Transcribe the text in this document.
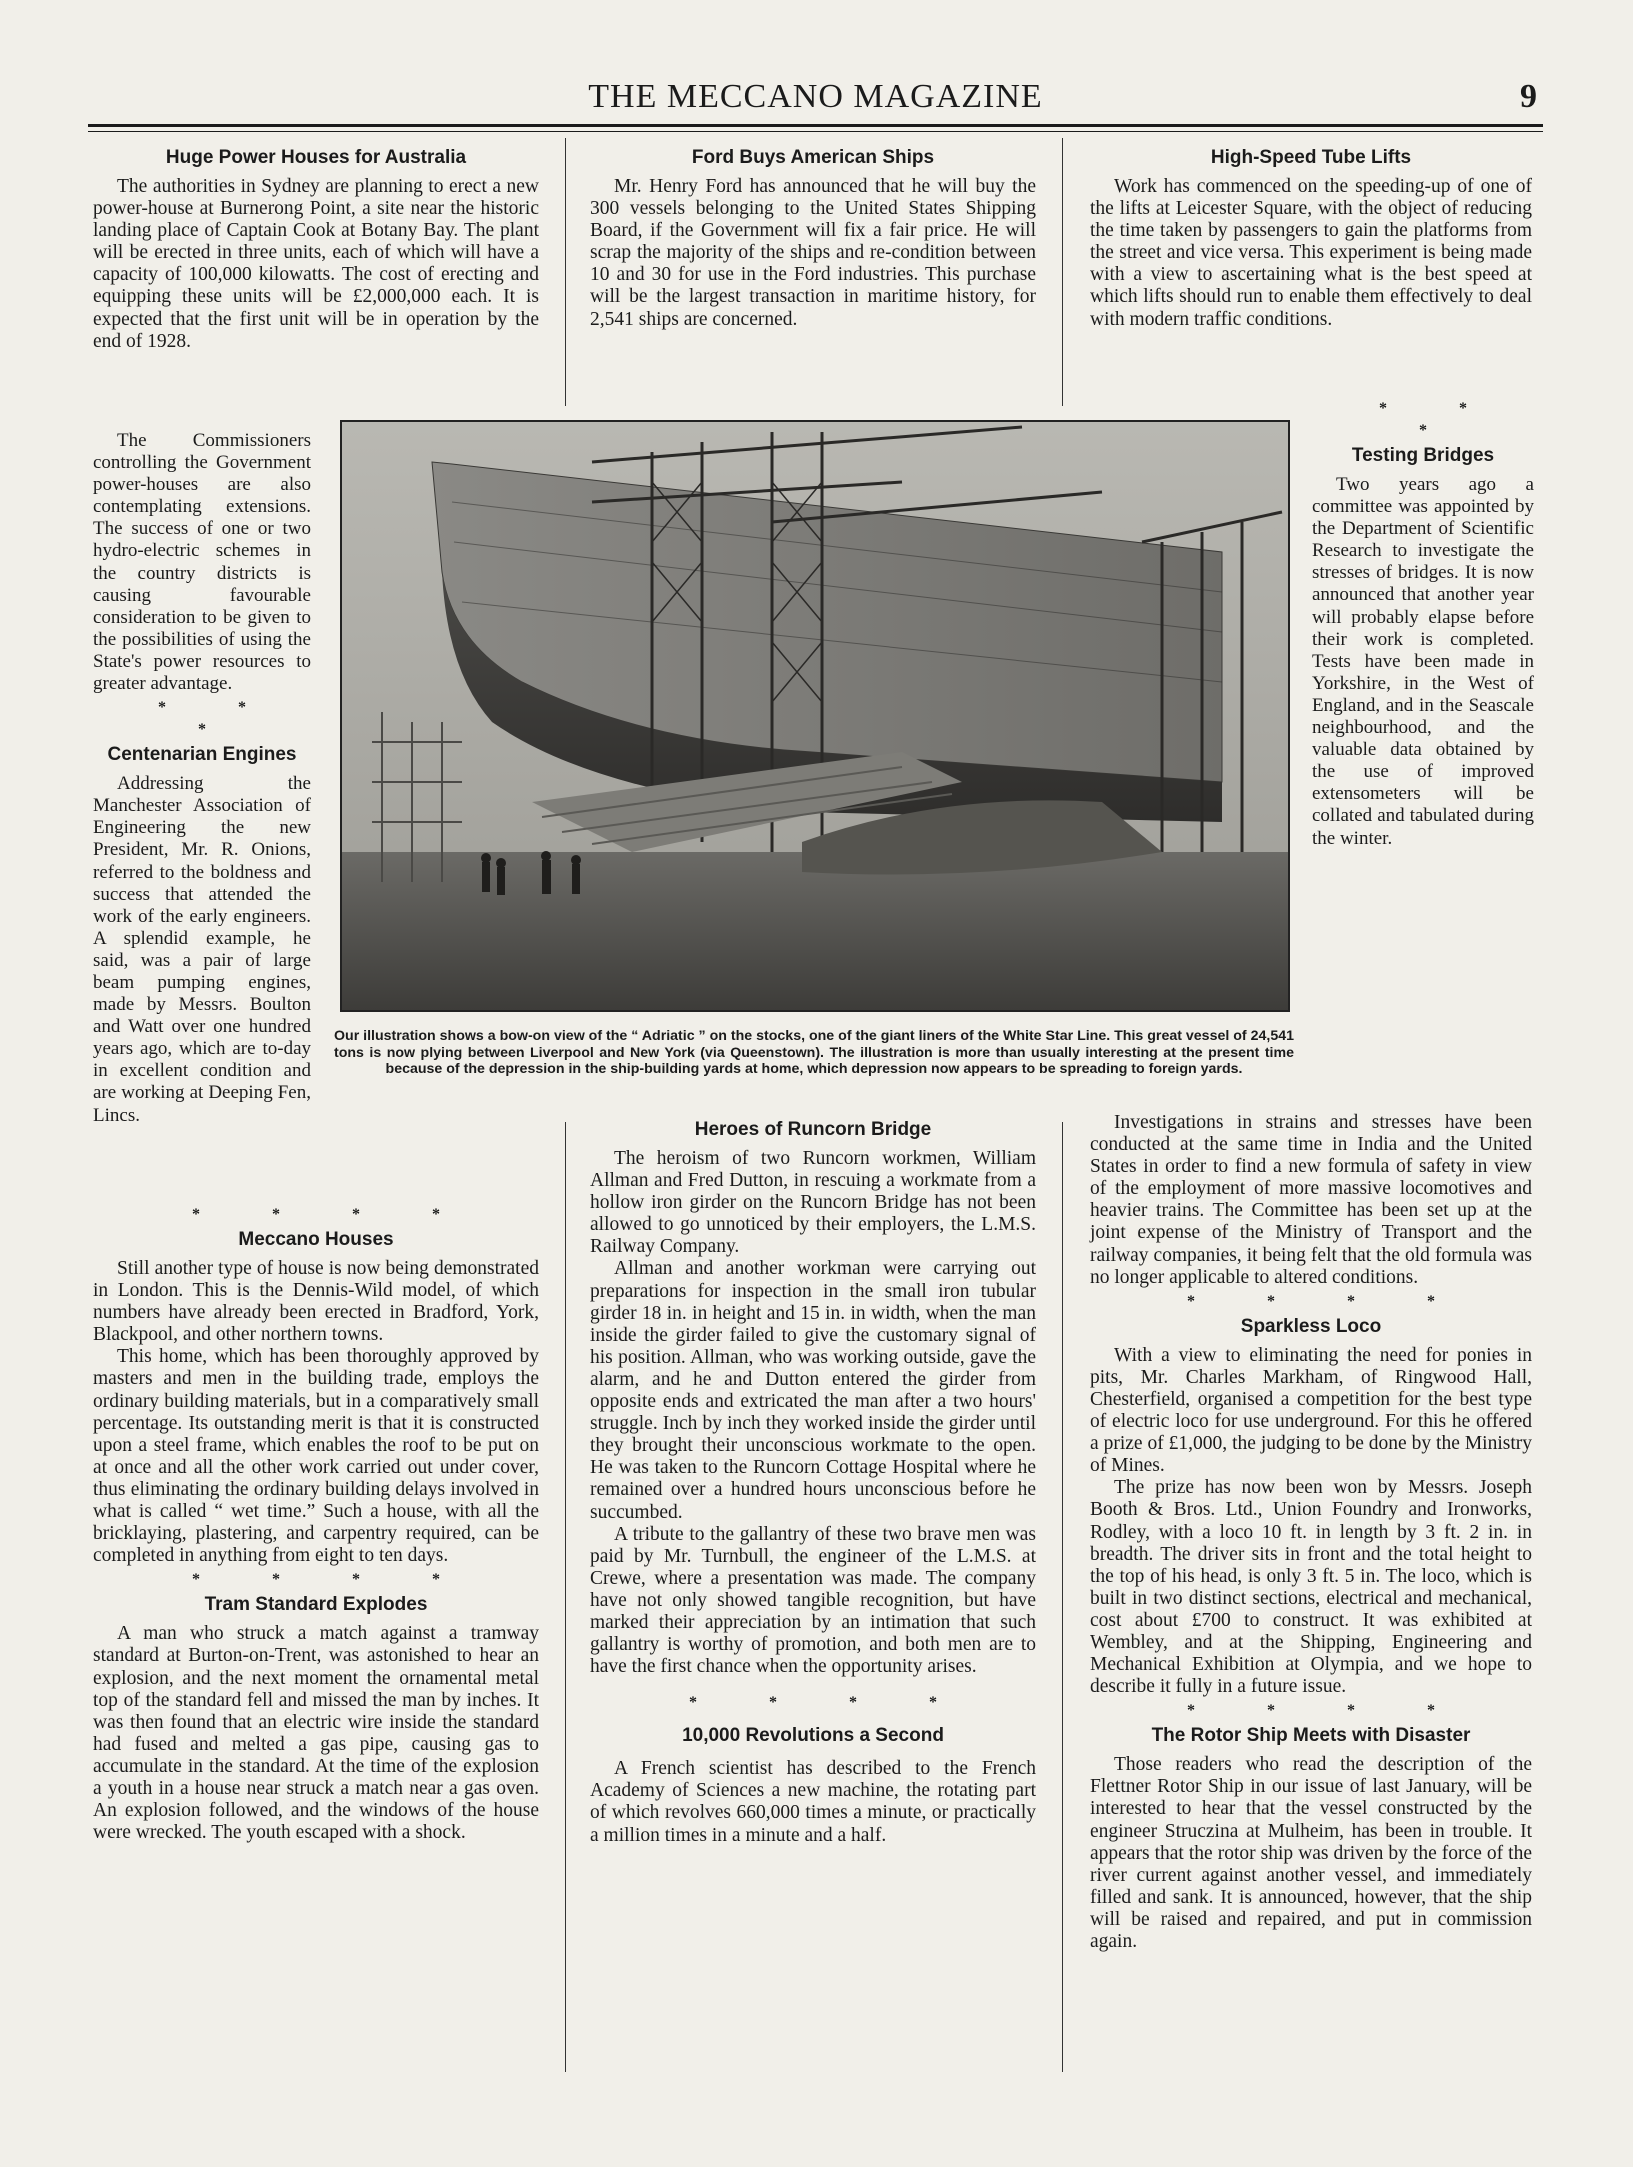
THE MECCANO MAGAZINE	9
Huge Power Houses for Australia

The authorities in Sydney are planning to erect a new power-house at Burnerong Point, a site near the historic landing place of Captain Cook at Botany Bay. The plant will be erected in three units, each of which will have a capacity of 100,000 kilowatts. The cost of erecting and equipping these units will be £2,000,000 each. It is expected that the first unit will be in operation by the end of 1928.

The Commissioners controlling the Government power-houses are also contemplating extensions. The success of one or two hydro-electric schemes in the country districts is causing favourable consideration to be given to the possibilities of using the State's power resources to greater advantage.

* * *
Centenarian Engines

Addressing the Manchester Association of Engineering the new President, Mr. R. Onions, referred to the boldness and success that attended the work of the early engineers. A splendid example, he said, was a pair of large beam pumping engines, made by Messrs. Boulton and Watt over one hundred years ago, which are to-day in excellent condition and are working at Deeping Fen, Lincs.

* * * *
Meccano Houses

Still another type of house is now being demonstrated in London. This is the Dennis-Wild model, of which numbers have already been erected in Bradford, York, Blackpool, and other northern towns.

This home, which has been thoroughly approved by masters and men in the building trade, employs the ordinary building materials, but in a comparatively small percentage. Its outstanding merit is that it is constructed upon a steel frame, which enables the roof to be put on at once and all the other work carried out under cover, thus eliminating the ordinary building delays involved in what is called “ wet time.” Such a house, with all the bricklaying, plastering, and carpentry required, can be completed in anything from eight to ten days.

* * * *
Tram Standard Explodes

A man who struck a match against a tramway standard at Burton-on-Trent, was astonished to hear an explosion, and the next moment the ornamental metal top of the standard fell and missed the man by inches. It was then found that an electric wire inside the standard had fused and melted a gas pipe, causing gas to accumulate in the standard. At the time of the explosion a youth in a house near struck a match near a gas oven. An explosion followed, and the windows of the house were wrecked. The youth escaped with a shock.

Ford Buys American Ships

Mr. Henry Ford has announced that he will buy the 300 vessels belonging to the United States Shipping Board, if the Government will fix a fair price. He will scrap the majority of the ships and re-condition between 10 and 30 for use in the Ford industries. This purchase will be the largest transaction in maritime history, for 2,541 ships are concerned.

Heroes of Runcorn Bridge

The heroism of two Runcorn workmen, William Allman and Fred Dutton, in rescuing a workmate from a hollow iron girder on the Runcorn Bridge has not been allowed to go unnoticed by their employers, the L.M.S. Railway Company.

Allman and another workman were carrying out preparations for inspection in the small iron tubular girder 18 in. in height and 15 in. in width, when the man inside the girder failed to give the customary signal of his position. Allman, who was working outside, gave the alarm, and he and Dutton entered the girder from opposite ends and extricated the man after a two hours' struggle. Inch by inch they worked inside the girder until they brought their unconscious workmate to the open. He was taken to the Runcorn Cottage Hospital where he remained over a hundred hours unconscious before he succumbed.

A tribute to the gallantry of these two brave men was paid by Mr. Turnbull, the engineer of the L.M.S. at Crewe, where a presentation was made. The company have not only showed tangible recognition, but have marked their appreciation by an intimation that such gallantry is worthy of promotion, and both men are to have the first chance when the opportunity arises.

* * * *
10,000 Revolutions a Second

A French scientist has described to the French Academy of Sciences a new machine, the rotating part of which revolves 660,000 times a minute, or practically a million times in a minute and a half.

High-Speed Tube Lifts

Work has commenced on the speeding-up of one of the lifts at Leicester Square, with the object of reducing the time taken by passengers to gain the platforms from the street and vice versa. This experiment is being made with a view to ascertaining what is the best speed at which lifts should run to enable them effectively to deal with modern traffic conditions.

* * *
Testing Bridges

Two years ago a committee was appointed by the Department of Scientific Research to investigate the stresses of bridges. It is now announced that another year will probably elapse before their work is completed. Tests have been made in Yorkshire, in the West of England, and in the Seascale neighbourhood, and the valuable data obtained by the use of improved extensometers will be collated and tabulated during the winter.

Investigations in strains and stresses have been conducted at the same time in India and the United States in order to find a new formula of safety in view of the employment of more massive locomotives and heavier trains. The Committee has been set up at the joint expense of the Ministry of Transport and the railway companies, it being felt that the old formula was no longer applicable to altered conditions.

* * * *
Sparkless Loco

With a view to eliminating the need for ponies in pits, Mr. Charles Markham, of Ringwood Hall, Chesterfield, organised a competition for the best type of electric loco for use underground. For this he offered a prize of £1,000, the judging to be done by the Ministry of Mines.

The prize has now been won by Messrs. Joseph Booth & Bros. Ltd., Union Foundry and Ironworks, Rodley, with a loco 10 ft. in length by 3 ft. 2 in. in breadth. The driver sits in front and the total height to the top of his head, is only 3 ft. 5 in. The loco, which is built in two distinct sections, electrical and mechanical, cost about £700 to construct. It was exhibited at Wembley, and at the Shipping, Engineering and Mechanical Exhibition at Olympia, and we hope to describe it fully in a future issue.

* * * *
The Rotor Ship Meets with Disaster

Those readers who read the description of the Flettner Rotor Ship in our issue of last January, will be interested to hear that the vessel constructed by the engineer Struczina at Mulheim, has been in trouble. It appears that the rotor ship was driven by the force of the river current against another vessel, and immediately filled and sank. It is announced, however, that the ship will be raised and repaired, and put in commission again.

Our illustration shows a bow-on view of the “ Adriatic ” on the stocks, one of the giant liners of the White Star Line. This great vessel of 24,541 tons is now plying between Liverpool and New York (via Queenstown). The illustration is more than usually interesting at the present time because of the depression in the ship-building yards at home, which depression now appears to be spreading to foreign yards.
